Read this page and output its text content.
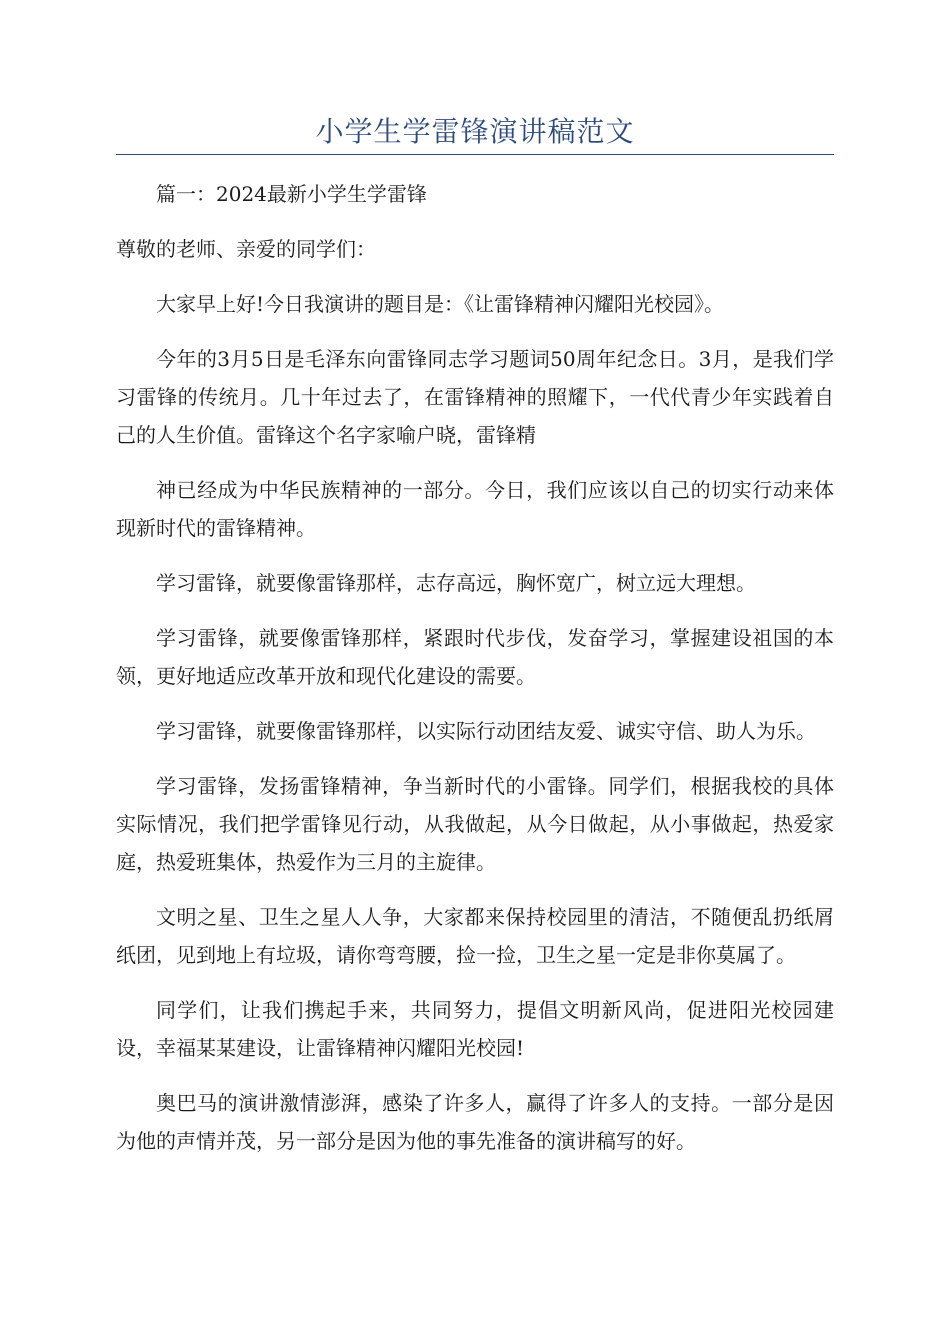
小学生学雷锋演讲稿范文

篇一：2024最新小学生学雷锋

尊敬的老师、亲爱的同学们：

大家早上好!今日我演讲的题目是：《让雷锋精神闪耀阳光校园》。

今年的3月5日是毛泽东向雷锋同志学习题词50周年纪念日。3月，是我们学习雷锋的传统月。几十年过去了，在雷锋精神的照耀下，一代代青少年实践着自己的人生价值。雷锋这个名字家喻户晓，雷锋精

神已经成为中华民族精神的一部分。今日，我们应该以自己的切实行动来体现新时代的雷锋精神。

学习雷锋，就要像雷锋那样，志存高远，胸怀宽广，树立远大理想。

学习雷锋，就要像雷锋那样，紧跟时代步伐，发奋学习，掌握建设祖国的本领，更好地适应改革开放和现代化建设的需要。

学习雷锋，就要像雷锋那样，以实际行动团结友爱、诚实守信、助人为乐。

学习雷锋，发扬雷锋精神，争当新时代的小雷锋。同学们，根据我校的具体实际情况，我们把学雷锋见行动，从我做起，从今日做起，从小事做起，热爱家庭，热爱班集体，热爱作为三月的主旋律。

文明之星、卫生之星人人争，大家都来保持校园里的清洁，不随便乱扔纸屑纸团，见到地上有垃圾，请你弯弯腰，捡一捡，卫生之星一定是非你莫属了。

同学们，让我们携起手来，共同努力，提倡文明新风尚，促进阳光校园建设，幸福某某建设，让雷锋精神闪耀阳光校园!

奥巴马的演讲激情澎湃，感染了许多人，赢得了许多人的支持。一部分是因为他的声情并茂，另一部分是因为他的事先准备的演讲稿写的好。
